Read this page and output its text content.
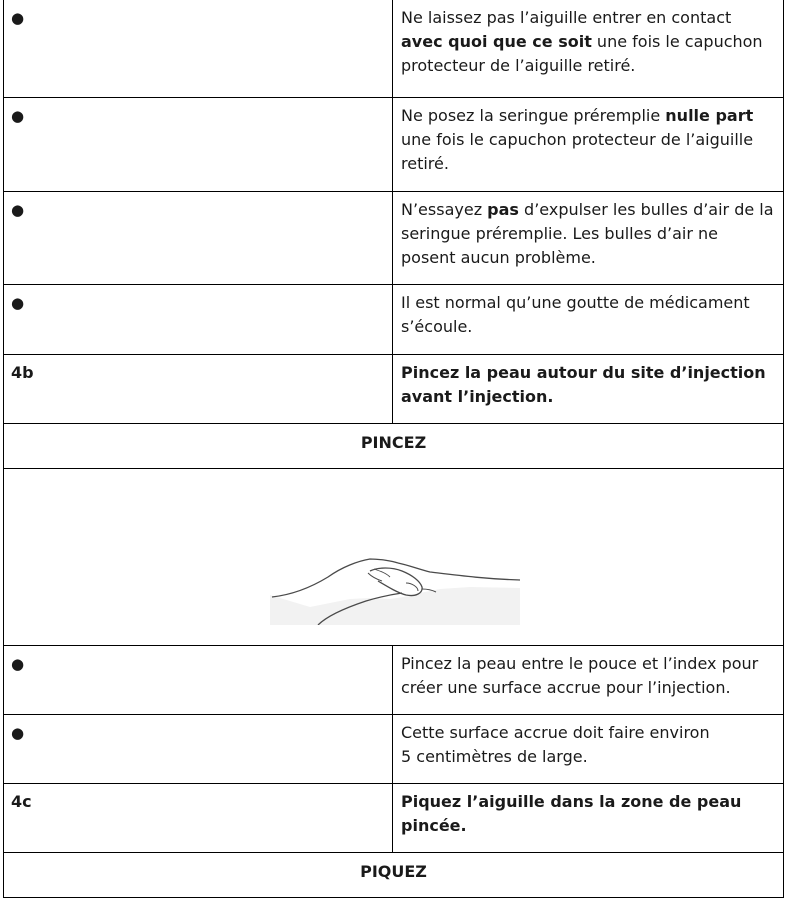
●	Ne laissez pas l’aiguille entrer en contact avec quoi que ce soit une fois le capuchon protecteur de l’aiguille retiré.
●	Ne posez la seringue préremplie nulle part une fois le capuchon protecteur de l’aiguille retiré.
●	N’essayez pas d’expulser les bulles d’air de la seringue préremplie. Les bulles d’air ne posent aucun problème.
●	Il est normal qu’une goutte de médicament s’écoule.
4b	Pincez la peau autour du site d’injection avant l’injection.
PINCEZ	

●	Pincez la peau entre le pouce et l’index pour
créer une surface accrue pour l’injection.

●	Cette surface accrue doit faire environ
5 centimètres de large.

4c	Piquez l’aiguille dans la zone de peau
pincée.

PIQUEZ	
